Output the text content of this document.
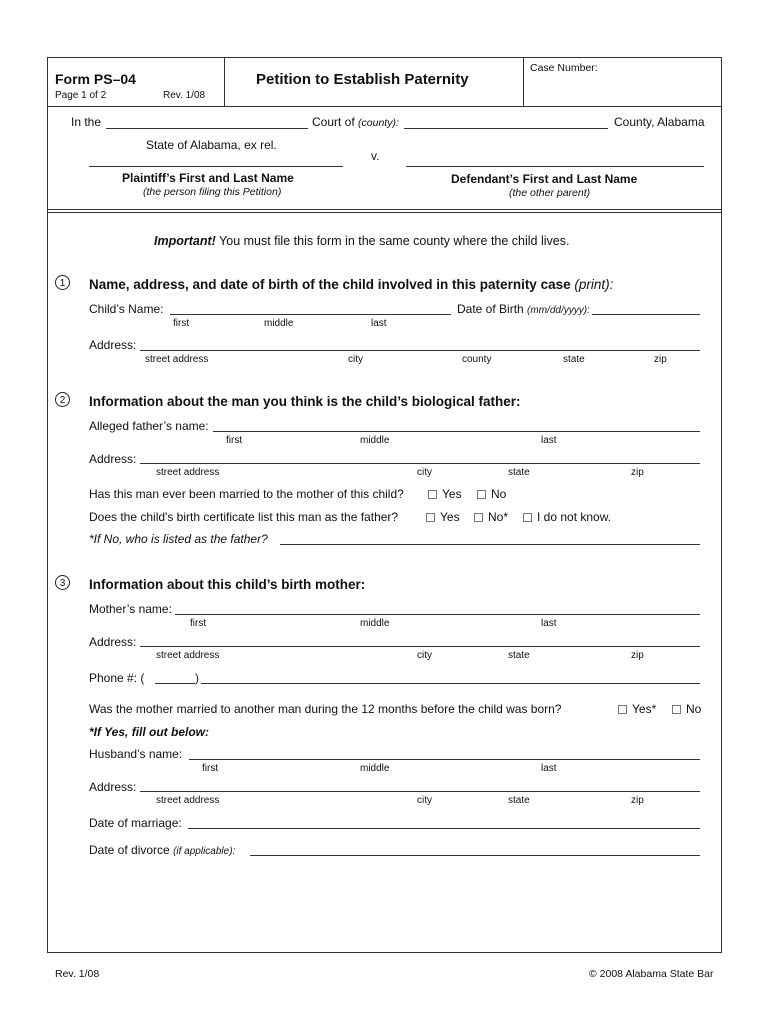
Form PS–04
Page 1 of 2	Rev. 1/08
Petition to Establish Paternity
Case Number:
In the	Court of (county):	County, Alabama
State of Alabama, ex rel.
v.
Plaintiff’s First and Last Name
(the person filing this Petition)
Defendant’s First and Last Name
(the other parent)
Important! You must file this form in the same county where the child lives.
1	Name, address, and date of birth of the child involved in this paternity case (print):
Child’s Name:	Date of Birth (mm/dd/yyyy):
first	middle	last
Address:
street address	city	county	state	zip
2	Information about the man you think is the child’s biological father:
Alleged father’s name:
first	middle	last
Address:
street address	city	state	zip
Has this man ever been married to the mother of this child?	Yes	No
Does the child's birth certificate list this man as the father?	Yes	No*	I do not know.
*If No, who is listed as the father?
3	Information about this child’s birth mother:
Mother’s name:
first	middle	last
Address:
street address	city	state	zip
Phone #: (	)
Was the mother married to another man during the 12 months before the child was born?	Yes*	No
*If Yes, fill out below:
Husband’s name:
first	middle	last
Address:
street address	city	state	zip
Date of marriage:
Date of divorce (if applicable):
Rev. 1/08	© 2008 Alabama State Bar
